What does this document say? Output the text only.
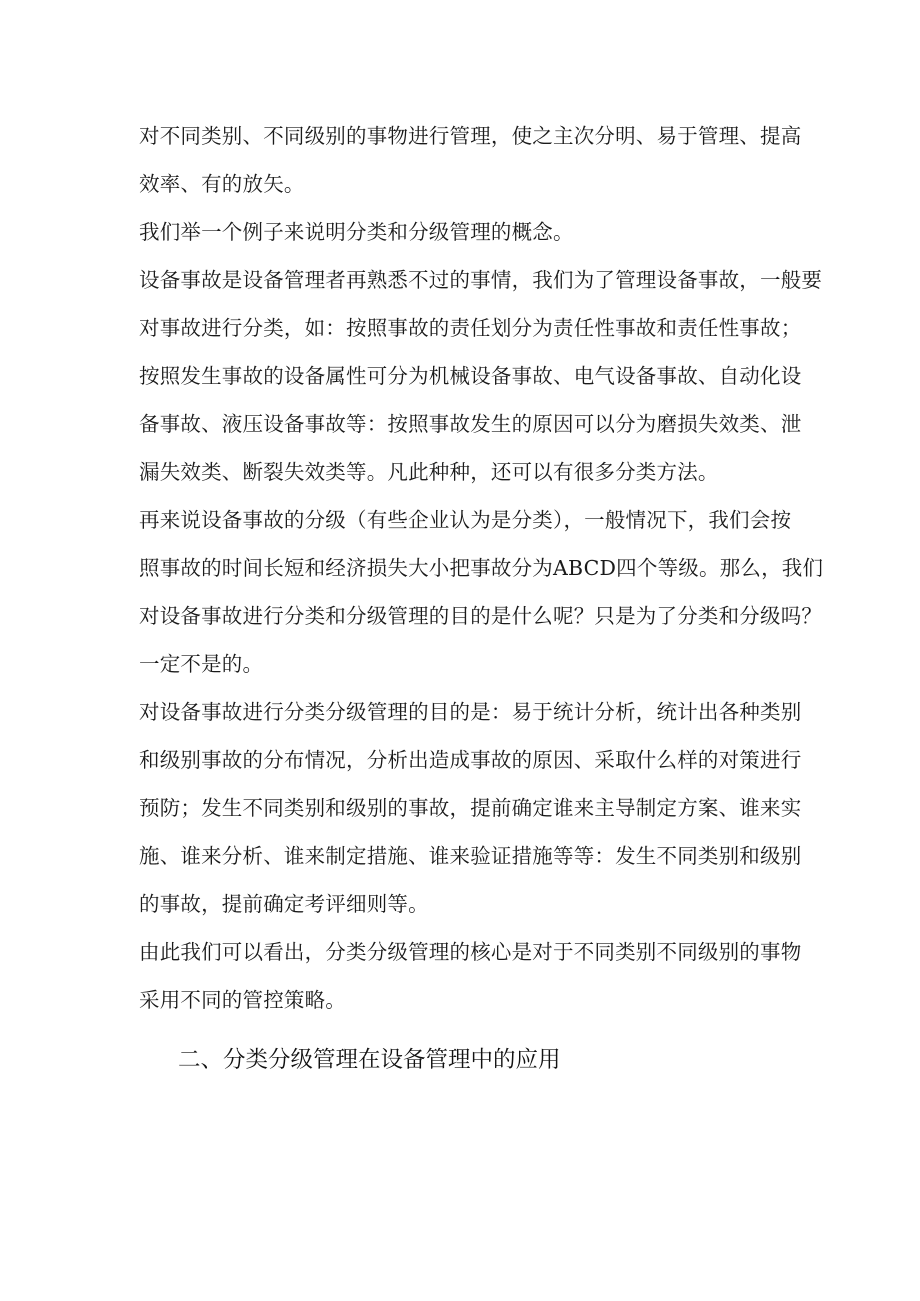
对不同类别、不同级别的事物进行管理，使之主次分明、易于管理、提高
效率、有的放矢。
我们举一个例子来说明分类和分级管理的概念。
设备事故是设备管理者再熟悉不过的事情，我们为了管理设备事故，一般要
对事故进行分类，如：按照事故的责任划分为责任性事故和责任性事故；
按照发生事故的设备属性可分为机械设备事故、电气设备事故、自动化设
备事故、液压设备事故等：按照事故发生的原因可以分为磨损失效类、泄
漏失效类、断裂失效类等。凡此种种，还可以有很多分类方法。
再来说设备事故的分级（有些企业认为是分类），一般情况下，我们会按
照事故的时间长短和经济损失大小把事故分为ABCD四个等级。那么，我们
对设备事故进行分类和分级管理的目的是什么呢？只是为了分类和分级吗？
一定不是的。
对设备事故进行分类分级管理的目的是：易于统计分析，统计出各种类别
和级别事故的分布情况，分析出造成事故的原因、采取什么样的对策进行
预防；发生不同类别和级别的事故，提前确定谁来主导制定方案、谁来实
施、谁来分析、谁来制定措施、谁来验证措施等等：发生不同类别和级别
的事故，提前确定考评细则等。
由此我们可以看出，分类分级管理的核心是对于不同类别不同级别的事物
采用不同的管控策略。
二、分类分级管理在设备管理中的应用
